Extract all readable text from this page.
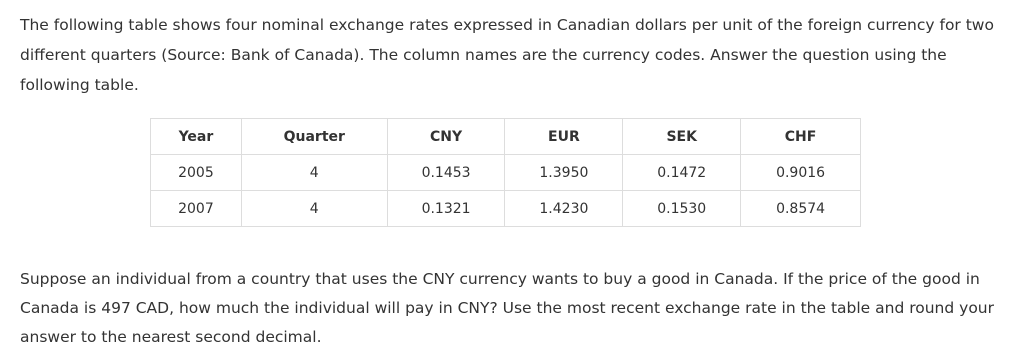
The following table shows four nominal exchange rates expressed in Canadian dollars per unit of the foreign currency for two different quarters (Source: Bank of Canada). The column names are the currency codes. Answer the question using the following table.

Year	Quarter	CNY	EUR	SEK	CHF
2005	4	0.1453	1.3950	0.1472	0.9016
2007	4	0.1321	1.4230	0.1530	0.8574

Suppose an individual from a country that uses the CNY currency wants to buy a good in Canada. If the price of the good in Canada is 497 CAD, how much the individual will pay in CNY? Use the most recent exchange rate in the table and round your answer to the nearest second decimal.
